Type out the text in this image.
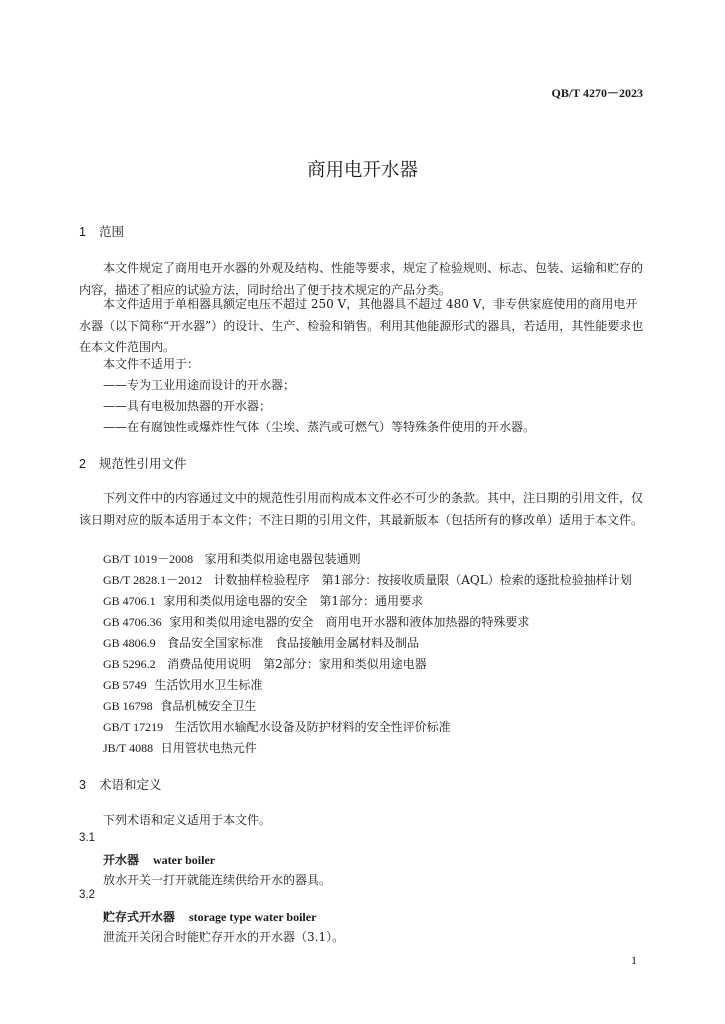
QB/T 4270－2023
商用电开水器
1 范围
本文件规定了商用电开水器的外观及结构、性能等要求，规定了检验规则、标志、包装、运输和贮存的内容，描述了相应的试验方法，同时给出了便于技术规定的产品分类。
本文件适用于单相器具额定电压不超过 250 V，其他器具不超过 480 V，非专供家庭使用的商用电开水器（以下简称“开水器”）的设计、生产、检验和销售。利用其他能源形式的器具，若适用，其性能要求也在本文件范围内。
本文件不适用于：
——专为工业用途而设计的开水器；
——具有电极加热器的开水器；
——在有腐蚀性或爆炸性气体（尘埃、蒸汽或可燃气）等特殊条件使用的开水器。
2 规范性引用文件
下列文件中的内容通过文中的规范性引用而构成本文件必不可少的条款。其中，注日期的引用文件，仅该日期对应的版本适用于本文件；不注日期的引用文件，其最新版本（包括所有的修改单）适用于本文件。
GB/T 1019－2008 家用和类似用途电器包装通则
GB/T 2828.1－2012 计数抽样检验程序　第1部分：按接收质量限（AQL）检索的逐批检验抽样计划
GB 4706.1 家用和类似用途电器的安全　第1部分：通用要求
GB 4706.36 家用和类似用途电器的安全　商用电开水器和液体加热器的特殊要求
GB 4806.9 食品安全国家标准　食品接触用金属材料及制品
GB 5296.2 消费品使用说明　第2部分：家用和类似用途电器
GB 5749 生活饮用水卫生标准
GB 16798 食品机械安全卫生
GB/T 17219 生活饮用水输配水设备及防护材料的安全性评价标准
JB/T 4088 日用管状电热元件
3 术语和定义
下列术语和定义适用于本文件。
3.1
开水器 water boiler
放水开关一打开就能连续供给开水的器具。
3.2
贮存式开水器 storage type water boiler
泄流开关闭合时能贮存开水的开水器（3.1）。
1
